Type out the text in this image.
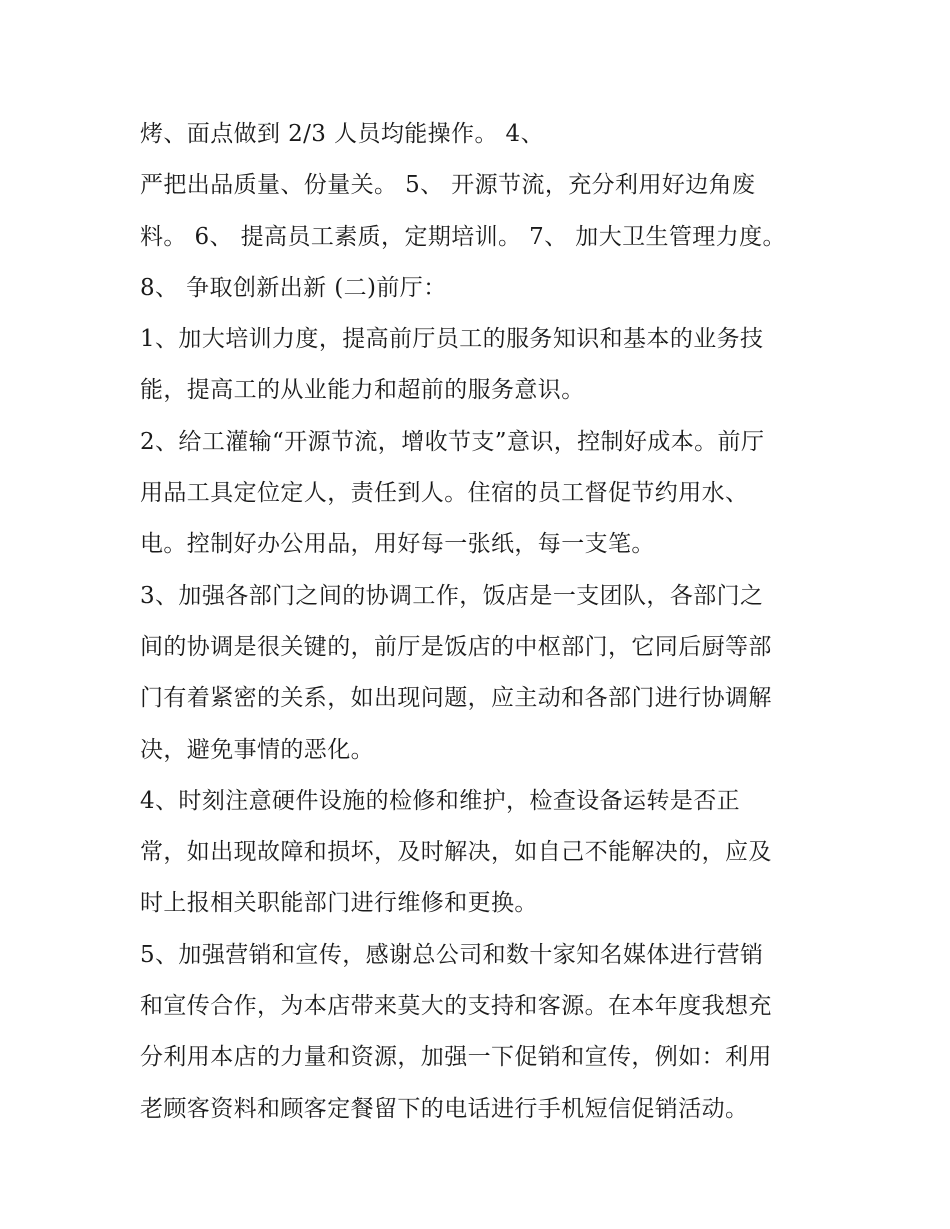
烤、面点做到 2/3 人员均能操作。 4、
严把出品质量、份量关。 5、 开源节流，充分利用好边角废
料。 6、 提高员工素质，定期培训。 7、 加大卫生管理力度。
8、 争取创新出新 (二)前厅：
1、加大培训力度，提高前厅员工的服务知识和基本的业务技
能，提高工的从业能力和超前的服务意识。
2、给工灌输“开源节流，增收节支”意识，控制好成本。前厅
用品工具定位定人，责任到人。住宿的员工督促节约用水、
电。控制好办公用品，用好每一张纸，每一支笔。
3、加强各部门之间的协调工作，饭店是一支团队，各部门之
间的协调是很关键的，前厅是饭店的中枢部门，它同后厨等部
门有着紧密的关系，如出现问题，应主动和各部门进行协调解
决，避免事情的恶化。
4、时刻注意硬件设施的检修和维护，检查设备运转是否正
常，如出现故障和损坏，及时解决，如自己不能解决的，应及
时上报相关职能部门进行维修和更换。
5、加强营销和宣传，感谢总公司和数十家知名媒体进行营销
和宣传合作，为本店带来莫大的支持和客源。在本年度我想充
分利用本店的力量和资源，加强一下促销和宣传，例如：利用
老顾客资料和顾客定餐留下的电话进行手机短信促销活动。
